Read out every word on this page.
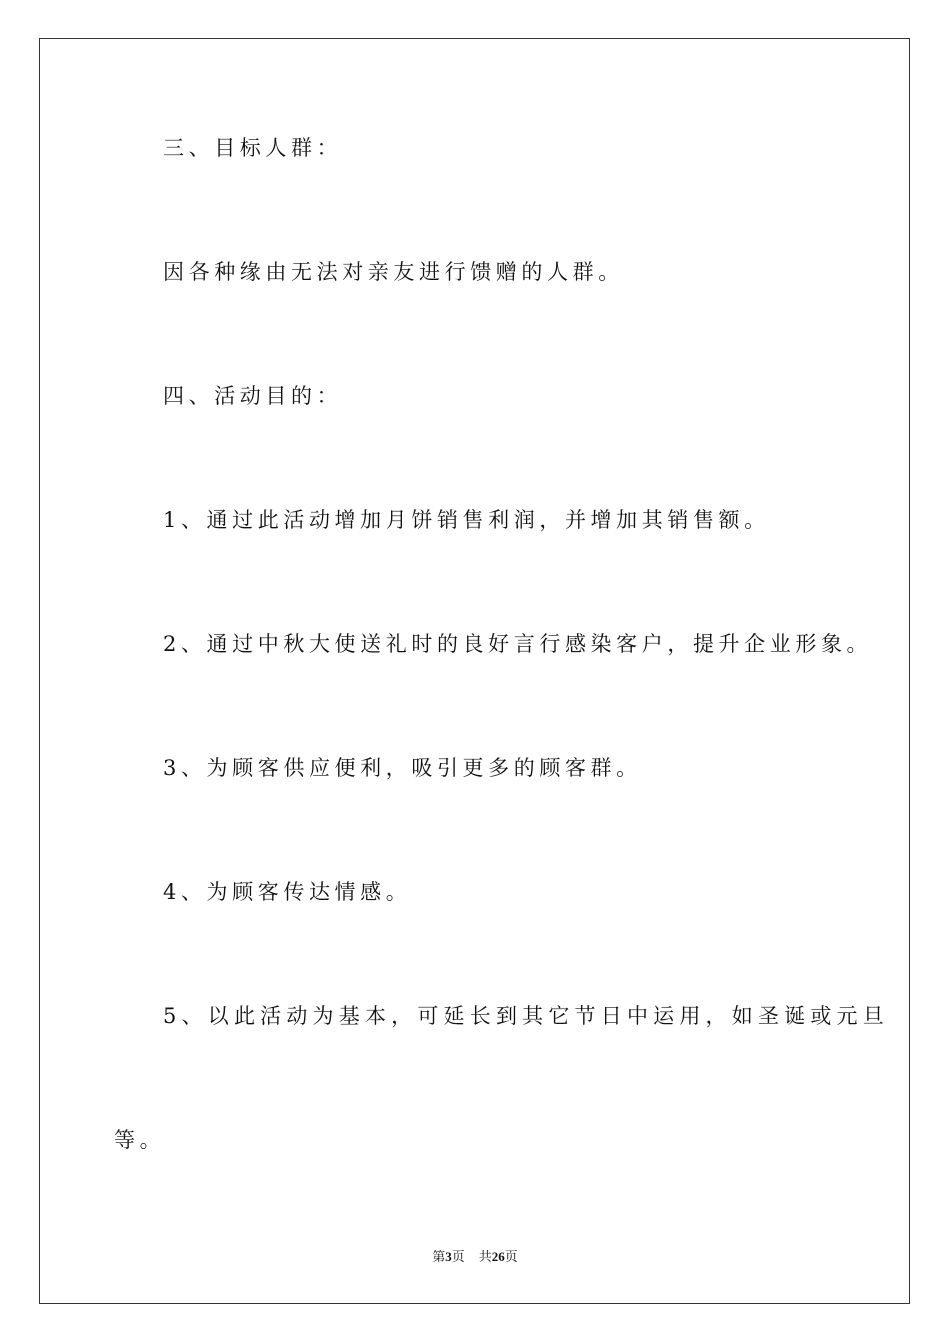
三、目标人群：
因各种缘由无法对亲友进行馈赠的人群。
四、活动目的：
1、通过此活动增加月饼销售利润，并增加其销售额。
2、通过中秋大使送礼时的良好言行感染客户，提升企业形象。
3、为顾客供应便利，吸引更多的顾客群。
4、为顾客传达情感。
5、以此活动为基本，可延长到其它节日中运用，如圣诞或元旦
等。
第3页 共26页
